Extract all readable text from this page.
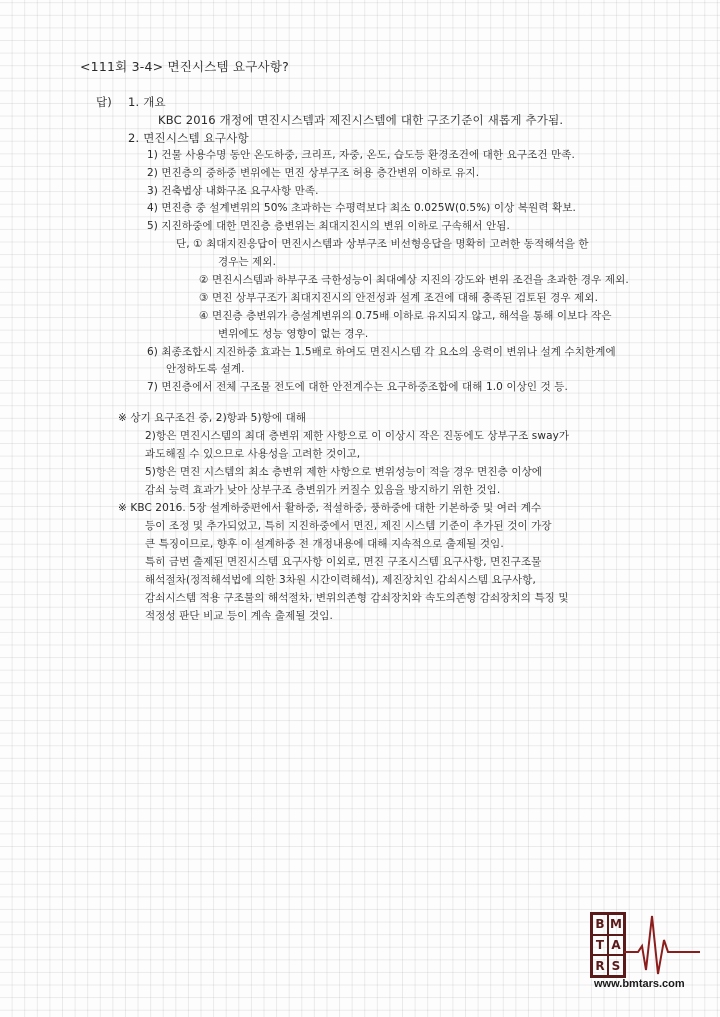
<111회 3-4> 면진시스템 요구사항?
답) 1. 개요
KBC 2016 개정에 면진시스템과 제진시스템에 대한 구조기준이 새롭게 추가됨.
2. 면진시스템 요구사항
1) 건물 사용수명 동안 온도하중, 크리프, 자중, 온도, 습도등 환경조건에 대한 요구조건 만족.
2) 면진층의 중하중 변위에는 면진 상부구조 허용 층간변위 이하로 유지.
3) 건축법상 내화구조 요구사항 만족.
4) 면진층 중 설계변위의 50% 초과하는 수평력보다 최소 0.025W(0.5%) 이상 복원력 확보.
5) 지진하중에 대한 면진층 층변위는 최대지진시의 변위 이하로 구속해서 안됨.
단, ① 최대지진응답이 면진시스템과 상부구조 비선형응답을 명확히 고려한 동적해석을 한
경우는 제외.
② 면진시스템과 하부구조 극한성능이 최대예상 지진의 강도와 변위 조건을 초과한 경우 제외.
③ 면진 상부구조가 최대지진시의 안전성과 설계 조건에 대해 충족된 검토된 경우 제외.
④ 면진층 층변위가 층설계변위의 0.75배 이하로 유지되지 않고, 해석을 통해 이보다 작은
변위에도 성능 영향이 없는 경우.
6) 최종조합시 지진하중 효과는 1.5배로 하여도 면진시스템 각 요소의 응력이 변위나 설계 수치한계에
안정하도록 설계.
7) 면진층에서 전체 구조물 전도에 대한 안전계수는 요구하중조합에 대해 1.0 이상인 것 등.
※ 상기 요구조건 중, 2)항과 5)항에 대해
2)항은 면진시스템의 최대 층변위 제한 사항으로 이 이상시 작은 진동에도 상부구조 sway가
과도해질 수 있으므로 사용성을 고려한 것이고,
5)항은 면진 시스템의 최소 층변위 제한 사항으로 변위성능이 적을 경우 면진층 이상에
감쇠 능력 효과가 낮아 상부구조 층변위가 커질수 있음을 방지하기 위한 것임.
※ KBC 2016. 5장 설계하중편에서 활하중, 적설하중, 풍하중에 대한 기본하중 및 여러 계수
등이 조정 및 추가되었고, 특히 지진하중에서 면진, 제진 시스템 기준이 추가된 것이 가장
큰 특징이므로, 향후 이 설계하중 전 개정내용에 대해 지속적으로 출제될 것임.
특히 금번 출제된 면진시스템 요구사항 이외로, 면진 구조시스템 요구사항, 면진구조물
해석절차(정적해석법에 의한 3차원 시간이력해석), 제진장치인 감쇠시스템 요구사항,
감쇠시스템 적용 구조물의 해석절차, 변위의존형 감쇠장치와 속도의존형 감쇠장치의 특징 및
적정성 판단 비교 등이 계속 출제될 것임.
B M
T A
R S
www.bmtars.com
